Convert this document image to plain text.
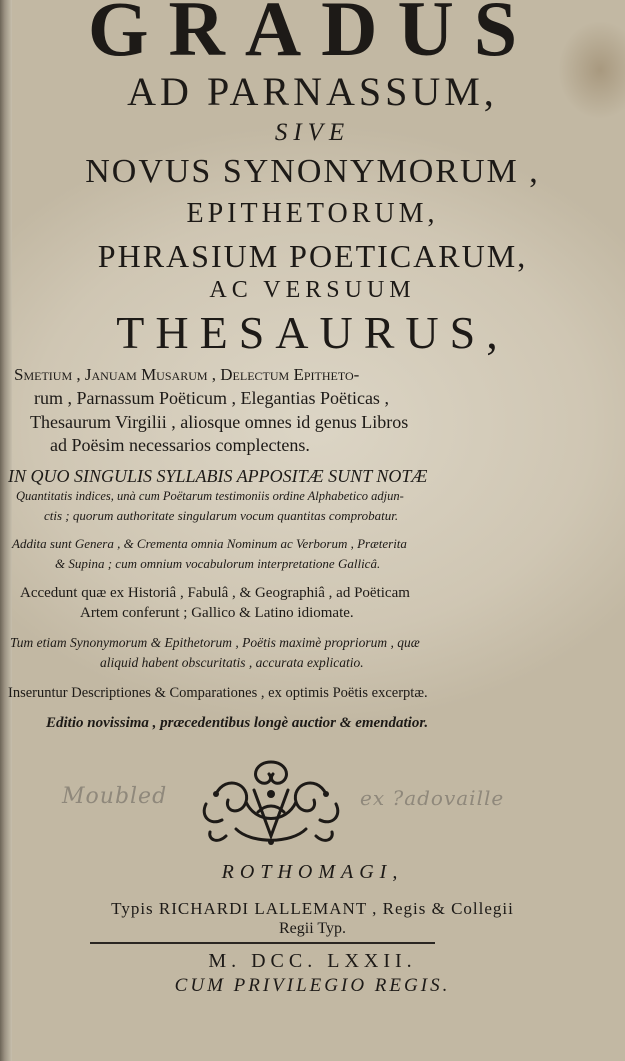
GRADUS
AD PARNASSUM,
SIVE
NOVUS SYNONYMORUM ,
EPITHETORUM,
PHRASIUM POETICARUM,
AC VERSUUM
THESAURUS,
Smetium , Januam Musarum , Delectum Epitheto-
rum , Parnassum Poëticum , Elegantias Poëticas ,
Thesaurum Virgilii , aliosque omnes id genus Libros
ad Poësim necessarios complectens.
IN QUO SINGULIS SYLLABIS APPOSITÆ SUNT NOTÆ
Quantitatis indices, unà cum Poëtarum testimoniis ordine Alphabetico adjun-
ctis ; quorum authoritate singularum vocum quantitas comprobatur.
Addita sunt Genera , & Crementa omnia Nominum ac Verborum , Præterita
& Supina ; cum omnium vocabulorum interpretatione Gallicâ.
Accedunt quæ ex Historiâ , Fabulâ , & Geographiâ , ad Poëticam
Artem conferunt ; Gallico & Latino idiomate.
Tum etiam Synonymorum & Epithetorum , Poëtis maximè propriorum , quæ
aliquid habent obscuritatis , accurata explicatio.
Inseruntur Descriptiones & Comparationes , ex optimis Poëtis excerptæ.
Editio novissima , præcedentibus longè auctior & emendatior.
Moubled	ex ?adovaille
ROTHOMAGI,
Typis RICHARDI LALLEMANT , Regis & Collegii
Regii Typ.
M. DCC. LXXII.
CUM PRIVILEGIO REGIS.
